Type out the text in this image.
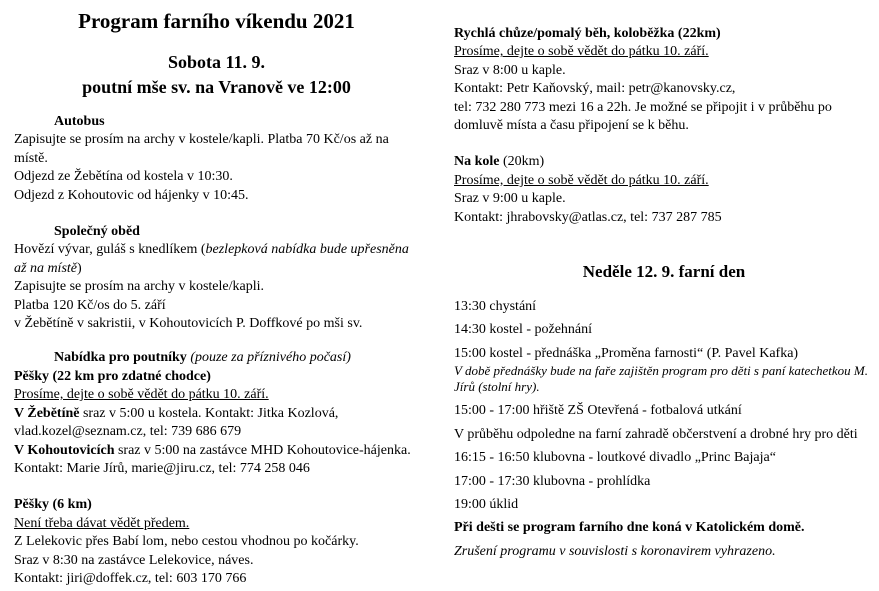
Program farního víkendu 2021

Sobota 11. 9.

poutní mše sv. na Vranově ve 12:00

Autobus

Zapisujte se prosím na archy v kostele/kapli. Platba 70 Kč/os až na místě.

Odjezd ze Žebětína od kostela v 10:30.

Odjezd z Kohoutovic od hájenky v 10:45.

Společný oběd

Hovězí vývar, guláš s knedlíkem (bezlepková nabídka bude upřesněna až na místě)

Zapisujte se prosím na archy v kostele/kapli.

Platba 120 Kč/os do 5. září

v Žebětíně v sakristii, v Kohoutovicích P. Doffkové po mši sv.

Nabídka pro poutníky (pouze za příznivého počasí)

Pěšky (22 km pro zdatné chodce)

Prosíme, dejte o sobě vědět do pátku 10. září.

V Žebětíně sraz v 5:00 u kostela. Kontakt: Jitka Kozlová, vlad.kozel@seznam.cz, tel: 739 686 679

V Kohoutovicích sraz v 5:00 na zastávce MHD Kohoutovice-hájenka. Kontakt: Marie Jírů, marie@jiru.cz, tel: 774 258 046

Pěšky (6 km)

Není třeba dávat vědět předem.

Z Lelekovic přes Babí lom, nebo cestou vhodnou po kočárky.

Sraz v 8:30 na zastávce Lelekovice, náves.

Kontakt: jiri@doffek.cz, tel: 603 170 766

Rychlá chůze/pomalý běh, koloběžka (22km)

Prosíme, dejte o sobě vědět do pátku 10. září.

Sraz v 8:00 u kaple.

Kontakt: Petr Kaňovský, mail: petr@kanovsky.cz,

tel: 732 280 773 mezi 16 a 22h. Je možné se připojit i v průběhu po domluvě místa a času připojení se k běhu.

Na kole (20km)

Prosíme, dejte o sobě vědět do pátku 10. září.

Sraz v 9:00 u kaple.

Kontakt: jhrabovsky@atlas.cz, tel: 737 287 785

Neděle 12. 9. farní den

13:30 chystání

14:30 kostel - požehnání

15:00 kostel - přednáška „Proměna farnosti“ (P. Pavel Kafka)

V době přednášky bude na faře zajištěn program pro děti s paní katechetkou M. Jírů (stolní hry).

15:00 - 17:00 hřiště ZŠ Otevřená - fotbalová utkání

V průběhu odpoledne na farní zahradě občerstvení a drobné hry pro děti

16:15 - 16:50 klubovna - loutkové divadlo „Princ Bajaja“

17:00 - 17:30 klubovna - prohlídka

19:00 úklid

Při dešti se program farního dne koná v Katolickém domě.

Zrušení programu v souvislosti s koronavirem vyhrazeno.
